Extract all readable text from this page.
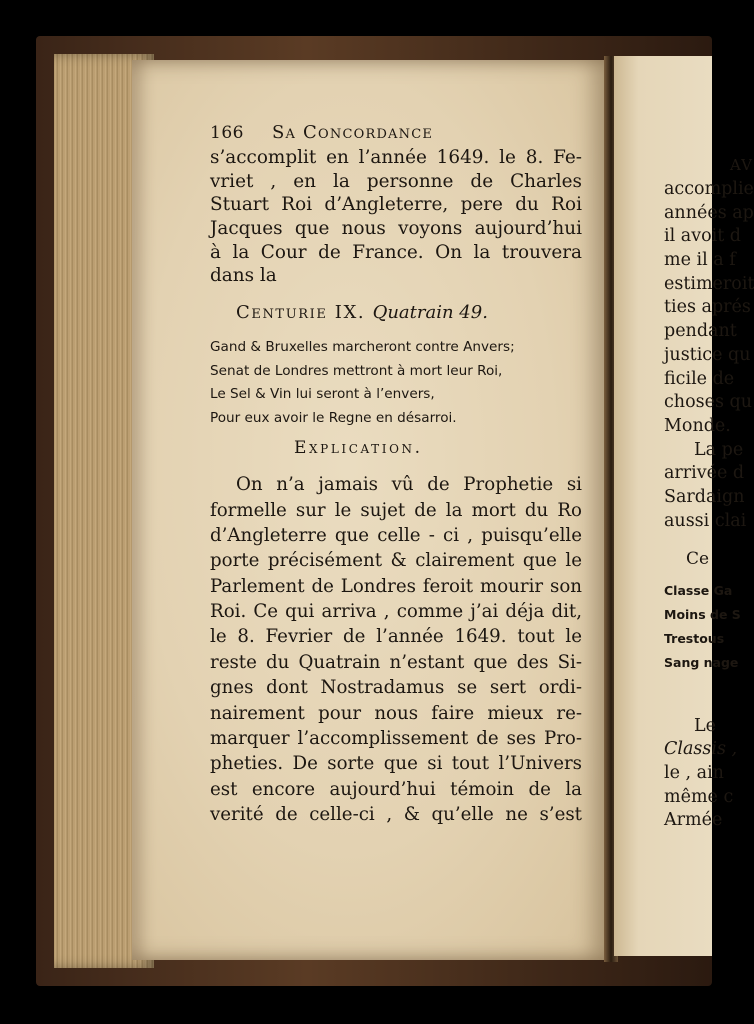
AV
accomplie
années ap
il avoit d
me il a f
estimeroit
ties aprés
pendant
justice qu
ficile de
choses qu
Monde.
La pe
arrivée d
Sardaign
aussi clai
Ce
Classe Ga
Moins de S
Trestous
Sang nage
Le
Classis ,
le , ain
même c
Armée
166	Sa Concordance
s’accomplit en l’année 1649. le 8. Fe-
vriet , en la personne de Charles
Stuart Roi d’Angleterre, pere du Roi
Jacques que nous voyons aujourd’hui
à la Cour de France. On la trouvera
dans la
Centurie IX. Quatrain 49.
Gand & Bruxelles marcheront contre Anvers;
Senat de Londres mettront à mort leur Roi,
Le Sel & Vin lui seront à l’envers,
Pour eux avoir le Regne en désarroi.
Explication.
On n’a jamais vû de Prophetie si
formelle sur le sujet de la mort du Ro
d’Angleterre que celle - ci , puisqu’elle
porte précisément & clairement que le
Parlement de Londres feroit mourir son
Roi. Ce qui arriva , comme j’ai déja dit,
le 8. Fevrier de l’année 1649. tout le
reste du Quatrain n’estant que des Si-
gnes dont Nostradamus se sert ordi-
nairement pour nous faire mieux re-
marquer l’accomplissement de ses Pro-
pheties. De sorte que si tout l’Univers
est encore aujourd’hui témoin de la
verité de celle-ci , & qu’elle ne s’est
